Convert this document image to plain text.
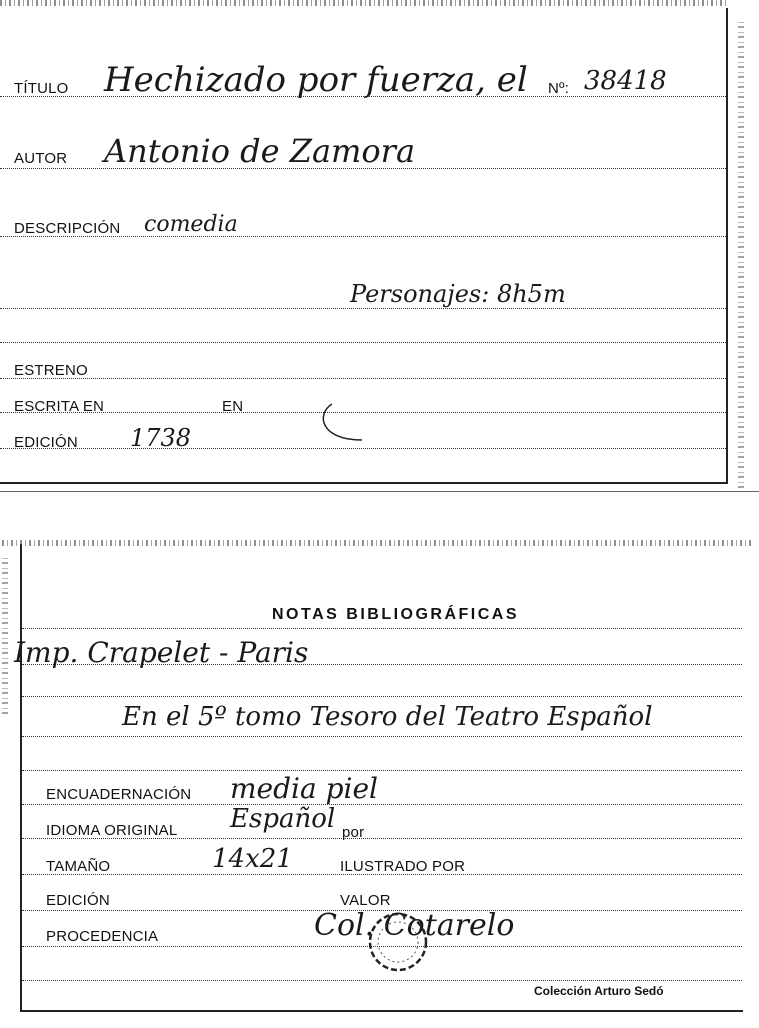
TÍTULO Hechizado por fuerza, el Nº: 38418
AUTOR Antonio de Zamora
DESCRIPCIÓN comedia
Personajes: 8h5m
ESTRENO
ESCRITA EN	EN
EDICIÓN 1738
NOTAS BIBLIOGRÁFICAS
Imp. Crapelet - Paris
En el 5º tomo Tesoro del Teatro Español
ENCUADERNACIÓN media piel
IDIOMA ORIGINAL Español por
TAMAÑO	14x21	ILUSTRADO POR
EDICIÓN	VALOR
PROCEDENCIA	Col. Cotarelo
Colección Arturo Sedó
